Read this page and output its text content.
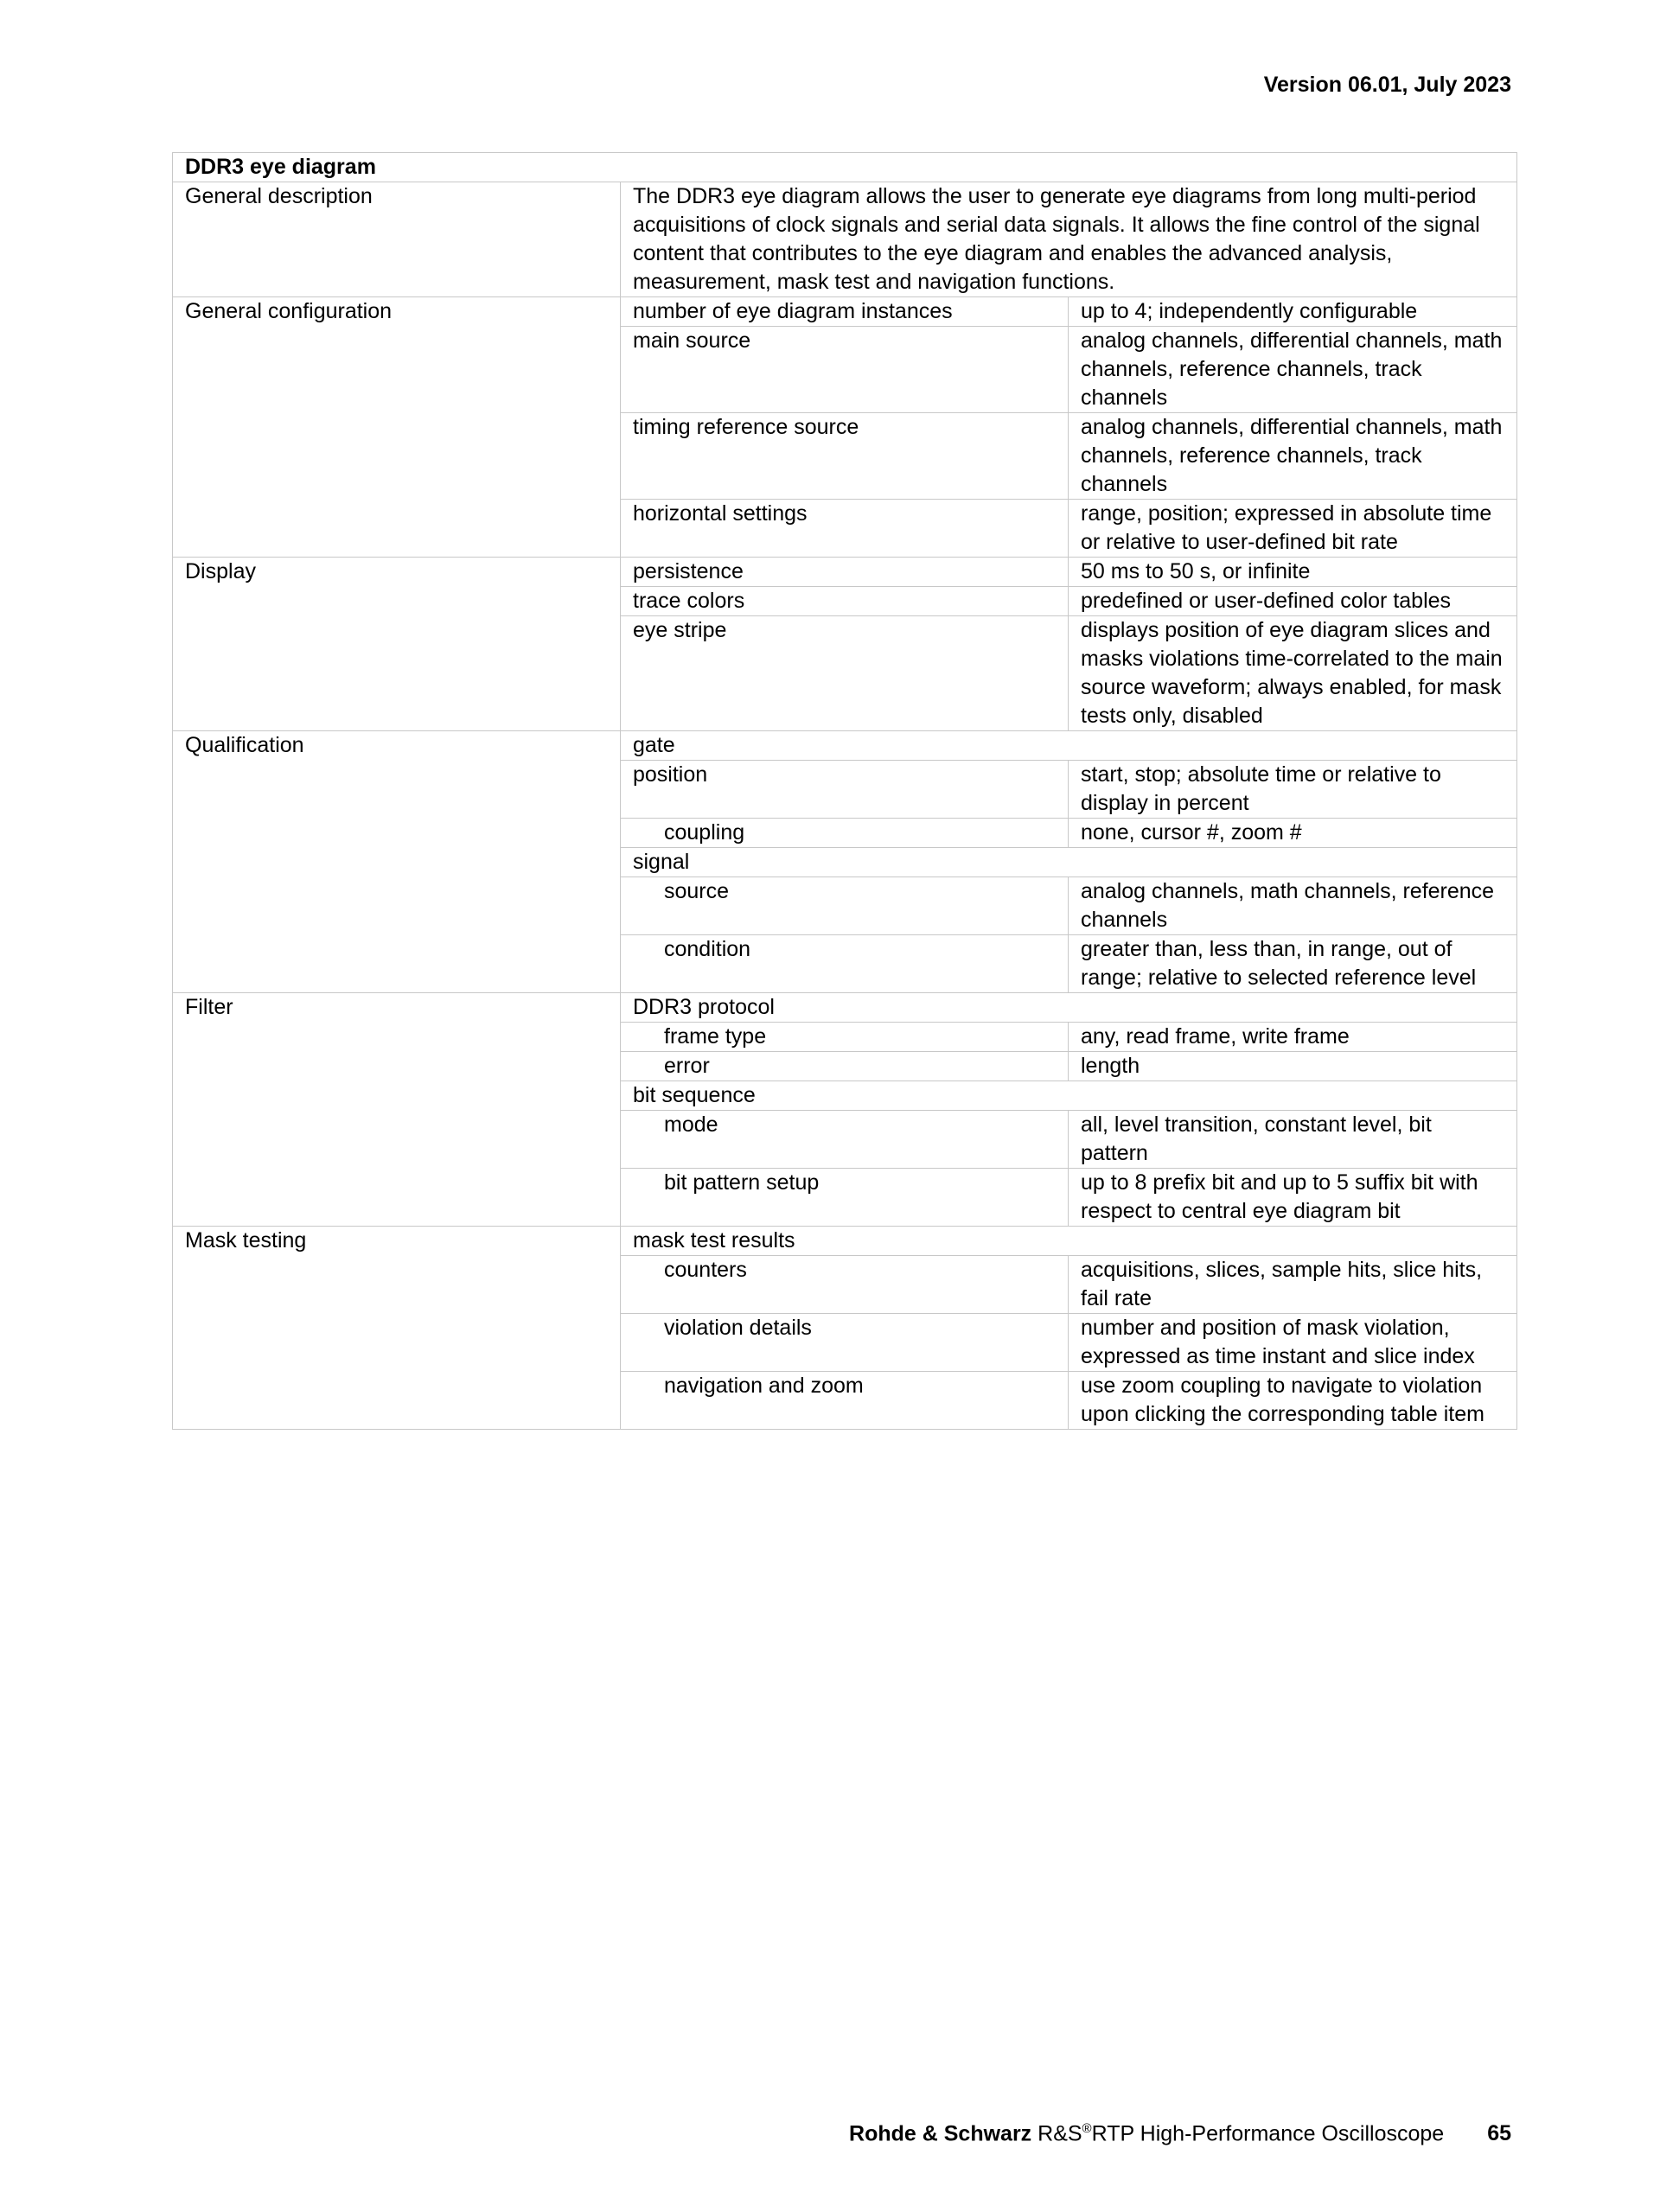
Version 06.01, July 2023
DDR3 eye diagram		
General description	The DDR3 eye diagram allows the user to generate eye diagrams from long multi-period acquisitions of clock signals and serial data signals. It allows the fine control of the signal content that contributes to the eye diagram and enables the advanced analysis, measurement, mask test and navigation functions.	
General configuration	number of eye diagram instances	up to 4; independently configurable
	main source	analog channels, differential channels, math channels, reference channels, track channels
	timing reference source	analog channels, differential channels, math channels, reference channels, track channels
	horizontal settings	range, position; expressed in absolute time or relative to user-defined bit rate
Display	persistence	50 ms to 50 s, or infinite
	trace colors	predefined or user-defined color tables
	eye stripe	displays position of eye diagram slices and masks violations time-correlated to the main source waveform; always enabled, for mask tests only, disabled
Qualification	gate	
	position	start, stop; absolute time or relative to display in percent
	coupling	none, cursor #, zoom #
	signal	
	source	analog channels, math channels, reference channels
	condition	greater than, less than, in range, out of range; relative to selected reference level
Filter	DDR3 protocol	
	frame type	any, read frame, write frame
	error	length
	bit sequence	
	mode	all, level transition, constant level, bit pattern
	bit pattern setup	up to 8 prefix bit and up to 5 suffix bit with respect to central eye diagram bit
Mask testing	mask test results	
	counters	acquisitions, slices, sample hits, slice hits, fail rate
	violation details	number and position of mask violation, expressed as time instant and slice index
	navigation and zoom	use zoom coupling to navigate to violation upon clicking the corresponding table item
Rohde & Schwarz R&S®RTP High-Performance Oscilloscope 65
